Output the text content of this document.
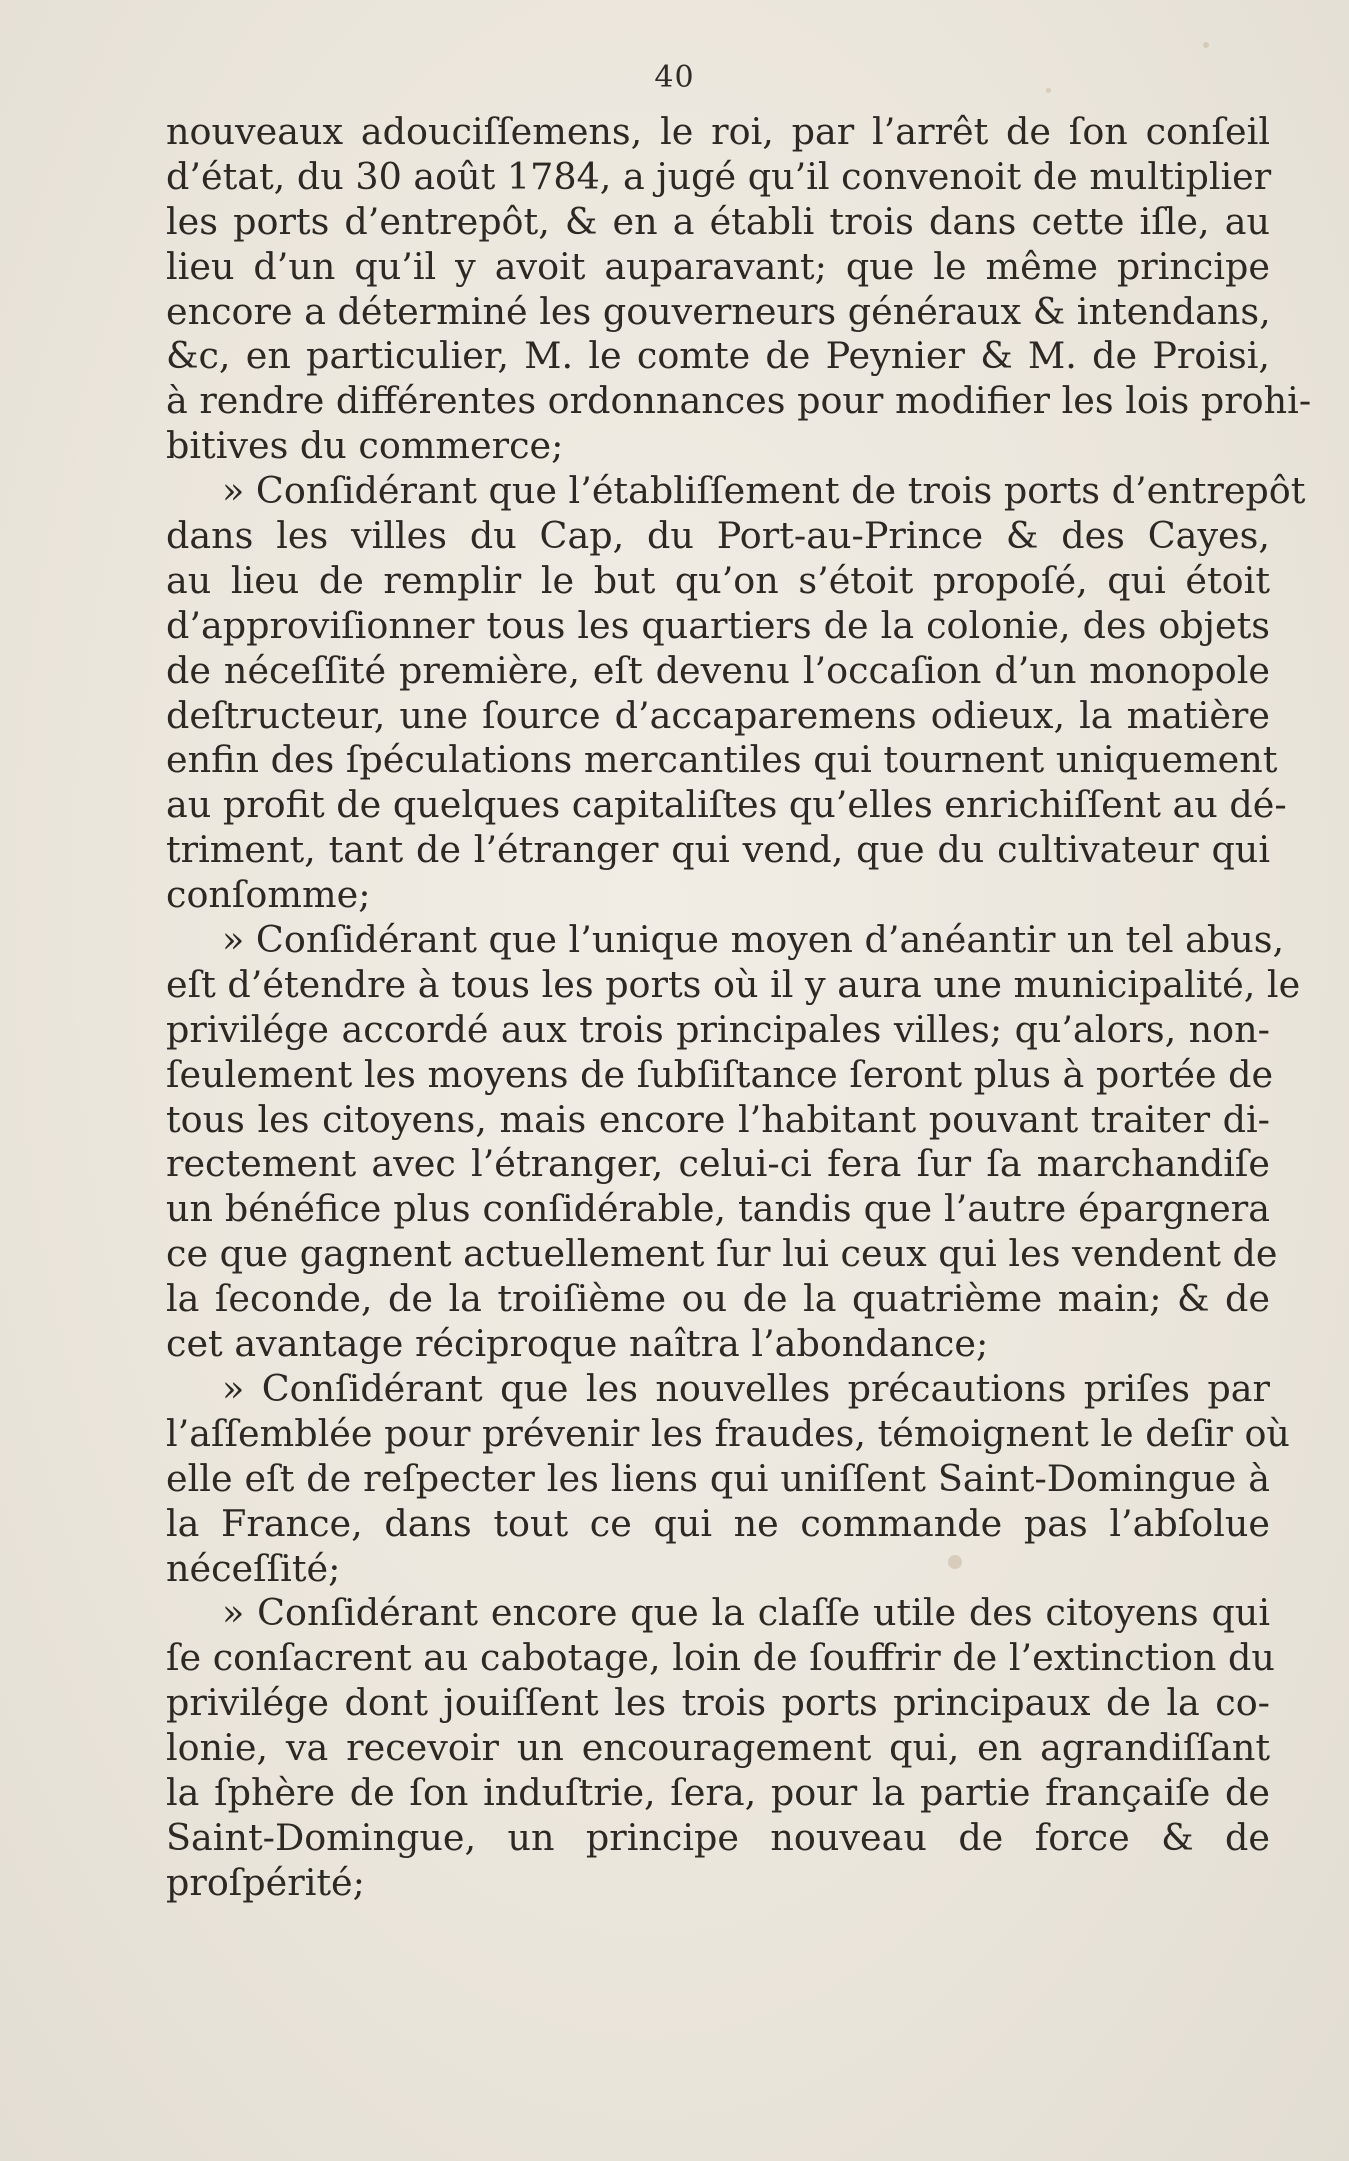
40
nouveaux adouciſſemens, le roi, par l’arrêt de ſon conſeil
d’état, du 30 août 1784, a jugé qu’il convenoit de multiplier
les ports d’entrepôt, & en a établi trois dans cette iſle, au
lieu d’un qu’il y avoit auparavant; que le même principe
encore a déterminé les gouverneurs généraux & intendans,
&c, en particulier, M. le comte de Peynier & M. de Proisi,
à rendre différentes ordonnances pour modifier les lois prohi-
bitives du commerce;
» Conſidérant que l’établiſſement de trois ports d’entrepôt
dans les villes du Cap, du Port-au-Prince & des Cayes,
au lieu de remplir le but qu’on s’étoit propoſé, qui étoit
d’approviſionner tous les quartiers de la colonie, des objets
de néceſſité première, eſt devenu l’occaſion d’un monopole
deſtructeur, une ſource d’accaparemens odieux, la matière
enfin des ſpéculations mercantiles qui tournent uniquement
au profit de quelques capitaliſtes qu’elles enrichiſſent au dé-
triment, tant de l’étranger qui vend, que du cultivateur qui
conſomme;
» Conſidérant que l’unique moyen d’anéantir un tel abus,
eſt d’étendre à tous les ports où il y aura une municipalité, le
privilége accordé aux trois principales villes; qu’alors, non-
ſeulement les moyens de ſubſiſtance ſeront plus à portée de
tous les citoyens, mais encore l’habitant pouvant traiter di-
rectement avec l’étranger, celui-ci fera ſur ſa marchandiſe
un bénéfice plus conſidérable, tandis que l’autre épargnera
ce que gagnent actuellement ſur lui ceux qui les vendent de
la ſeconde, de la troiſième ou de la quatrième main; & de
cet avantage réciproque naîtra l’abondance;
» Conſidérant que les nouvelles précautions priſes par
l’aſſemblée pour prévenir les fraudes, témoignent le deſir où
elle eſt de reſpecter les liens qui uniſſent Saint-Domingue à
la France, dans tout ce qui ne commande pas l’abſolue
néceſſité;
» Conſidérant encore que la claſſe utile des citoyens qui
ſe conſacrent au cabotage, loin de ſouffrir de l’extinction du
privilége dont jouiſſent les trois ports principaux de la co-
lonie, va recevoir un encouragement qui, en agrandiſſant
la ſphère de ſon induſtrie, ſera, pour la partie françaiſe de
Saint-Domingue, un principe nouveau de force & de
proſpérité;
